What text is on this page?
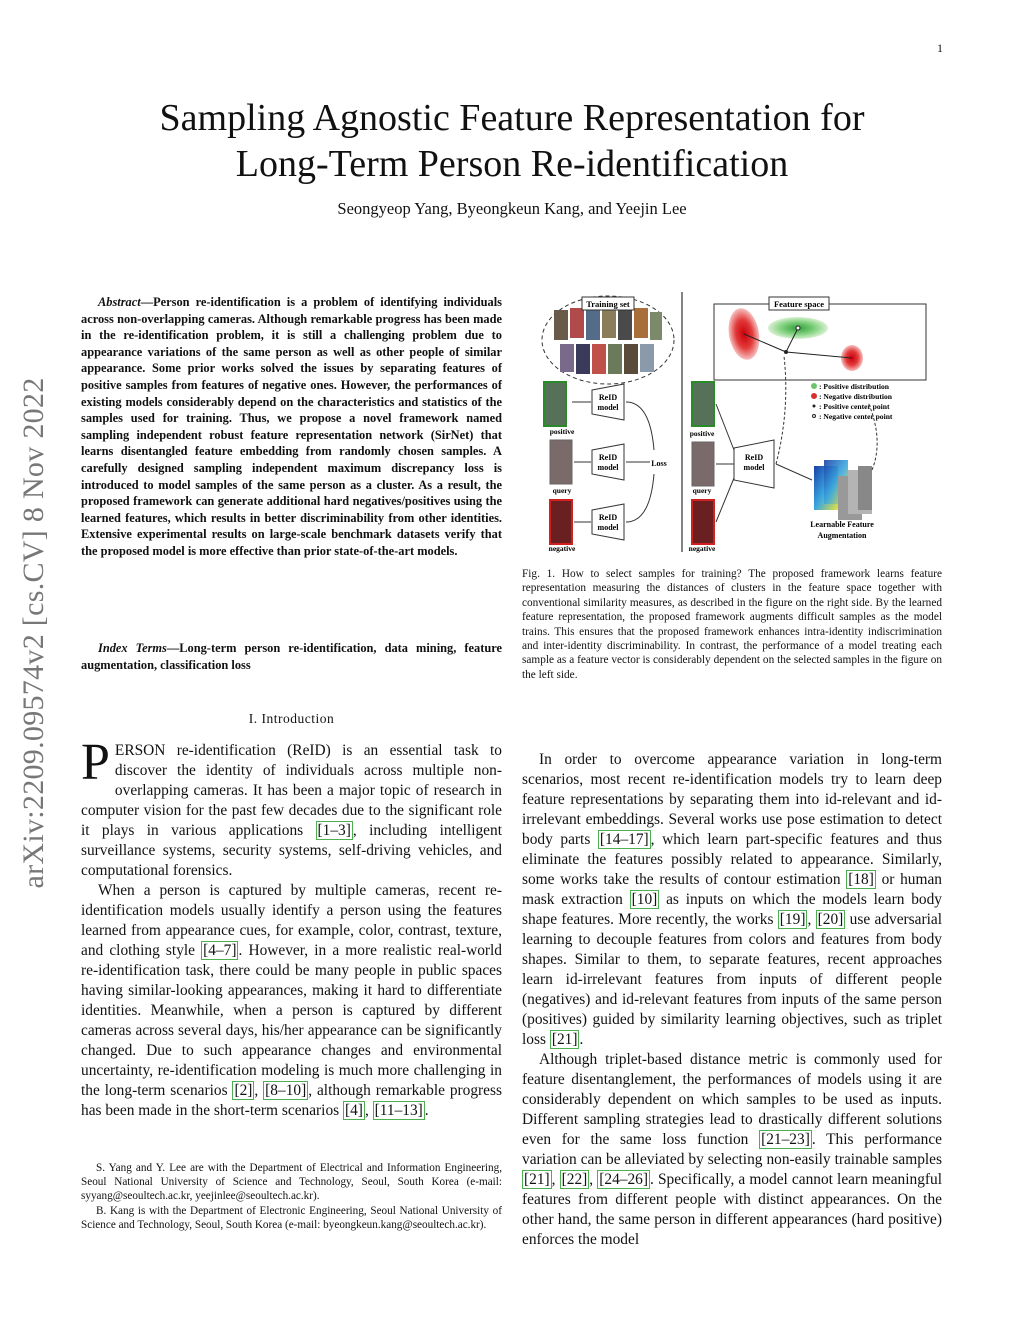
1
arXiv:2209.09574v2 [cs.CV] 8 Nov 2022
Sampling Agnostic Feature Representation for
Long-Term Person Re-identification
Seongyeop Yang, Byeongkeun Kang, and Yeejin Lee
Abstract—Person re-identification is a problem of identifying individuals across non-overlapping cameras. Although remarkable progress has been made in the re-identification problem, it is still a challenging problem due to appearance variations of the same person as well as other people of similar appearance. Some prior works solved the issues by separating features of positive samples from features of negative ones. However, the performances of existing models considerably depend on the characteristics and statistics of the samples used for training. Thus, we propose a novel framework named sampling independent robust feature representation network (SirNet) that learns disentangled feature embedding from randomly chosen samples. A carefully designed sampling independent maximum discrepancy loss is introduced to model samples of the same person as a cluster. As a result, the proposed framework can generate additional hard negatives/positives using the learned features, which results in better discriminability from other identities. Extensive experimental results on large-scale benchmark datasets verify that the proposed model is more effective than prior state-of-the-art models.
Index Terms—Long-term person re-identification, data mining, feature augmentation, classification loss
I. Introduction

PERSON re-identification (ReID) is an essential task to discover the identity of individuals across multiple non-overlapping cameras. It has been a major topic of research in computer vision for the past few decades due to the significant role it plays in various applications [1–3] , including intelligent surveillance systems, security systems, self-driving vehicles, and computational forensics.

When a person is captured by multiple cameras, recent re-identification models usually identify a person using the features learned from appearance cues, for example, color, contrast, texture, and clothing style [4–7] . However, in a more realistic real-world re-identification task, there could be many people in public spaces having similar-looking appearances, making it hard to differentiate identities. Meanwhile, when a person is captured by different cameras across several days, his/her appearance can be significantly changed. Due to such appearance changes and environmental uncertainty, re-identification modeling is much more challenging in the long-term scenarios [2] , [8–10] , although remarkable progress has been made in the short-term scenarios [4] , [11–13] .

S. Yang and Y. Lee are with the Department of Electrical and Information Engineering, Seoul National University of Science and Technology, Seoul, South Korea (e-mail: syyang@seoultech.ac.kr, yeejinlee@seoultech.ac.kr).

B. Kang is with the Department of Electronic Engineering, Seoul National University of Science and Technology, Seoul, South Korea (e-mail: byeongkeun.kang@seoultech.ac.kr).

Training set
positive
query
negative
ReID
model
ReID
model
ReID
model
Loss
Feature space
: Positive distribution
: Negative distribution
: Positive center point
: Negative center point
positive
query
negative
ReID
model
Learnable Feature
Augmentation
Fig. 1. How to select samples for training? The proposed framework learns feature representation measuring the distances of clusters in the feature space together with conventional similarity measures, as described in the figure on the right side. By the learned feature representation, the proposed framework augments difficult samples as the model trains. This ensures that the proposed framework enhances intra-identity indiscrimination and inter-identity discriminability. In contrast, the performance of a model treating each sample as a feature vector is considerably dependent on the selected samples in the figure on the left side.

In order to overcome appearance variation in long-term scenarios, most recent re-identification models try to learn deep feature representations by separating them into id-relevant and id-irrelevant embeddings. Several works use pose estimation to detect body parts [14–17] , which learn part-specific features and thus eliminate the features possibly related to appearance. Similarly, some works take the results of contour estimation [18] or human mask extraction [10] as inputs on which the models learn body shape features. More recently, the works [19] , [20] use adversarial learning to decouple features from colors and features from body shapes. Similar to them, to separate features, recent approaches learn id-irrelevant features from inputs of different people (negatives) and id-relevant features from inputs of the same person (positives) guided by similarity learning objectives, such as triplet loss [21] .

Although triplet-based distance metric is commonly used for feature disentanglement, the performances of models using it are considerably dependent on which samples to be used as inputs. Different sampling strategies lead to drastically different solutions even for the same loss function [21–23] . This performance variation can be alleviated by selecting non-easily trainable samples [21] , [22] , [24–26] . Specifically, a model cannot learn meaningful features from different people with distinct appearances. On the other hand, the same person in different appearances (hard positive) enforces the model
